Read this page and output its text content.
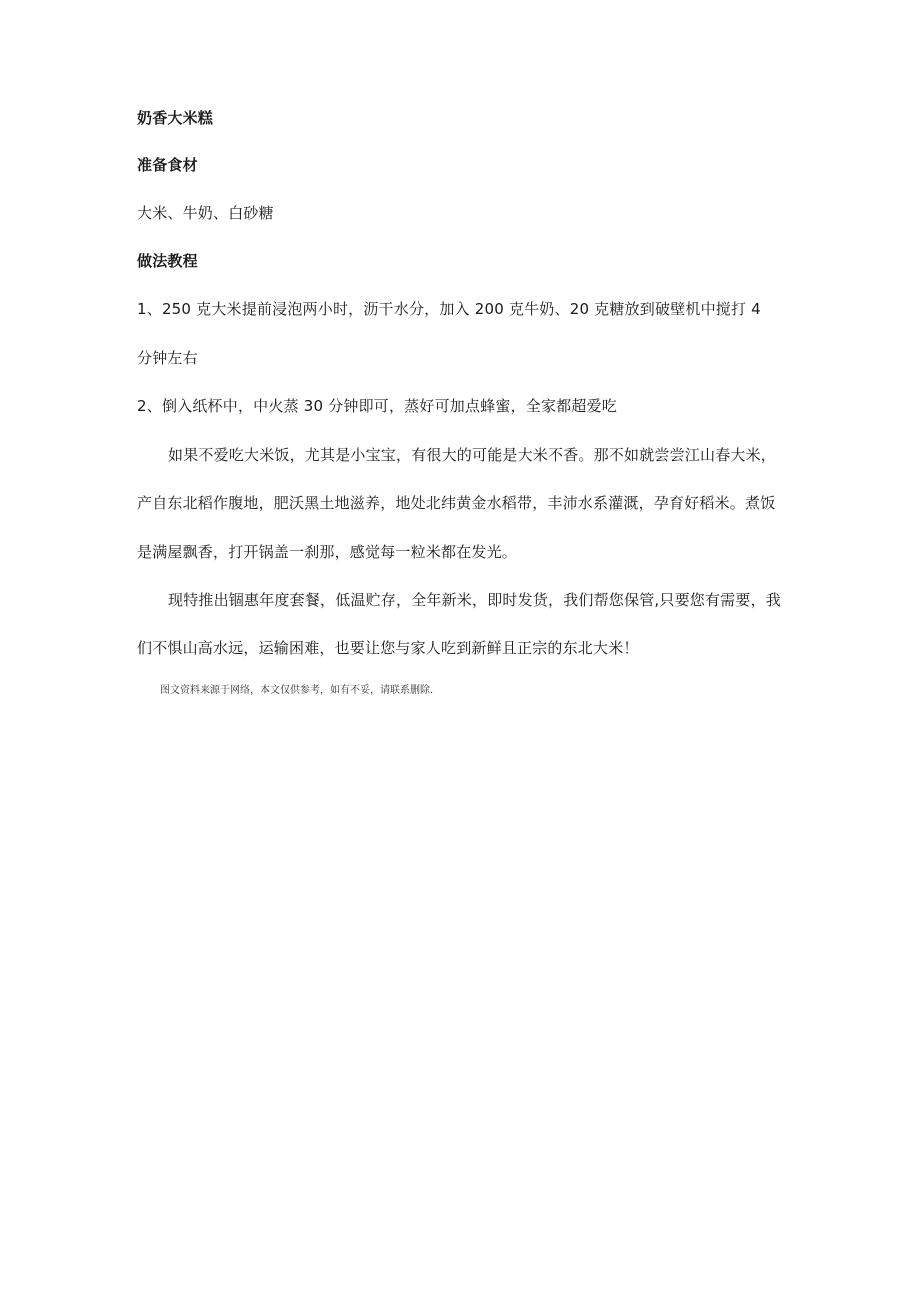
奶香大米糕
准备食材
大米、牛奶、白砂糖
做法教程
1、250 克大米提前浸泡两小时，沥干水分，加入 200 克牛奶、20 克糖放到破壁机中搅打 4
分钟左右
2、倒入纸杯中，中火蒸 30 分钟即可，蒸好可加点蜂蜜，全家都超爱吃
如果不爱吃大米饭，尤其是小宝宝，有很大的可能是大米不香。那不如就尝尝江山春大米，
产自东北稻作腹地，肥沃黑土地滋养，地处北纬黄金水稻带，丰沛水系灌溉，孕育好稻米。煮饭
是满屋飘香，打开锅盖一刹那，感觉每一粒米都在发光。
现特推出锢惠年度套餐，低温贮存，全年新米，即时发货，我们帮您保管,只要您有需要，我
们不惧山高水远，运输困难，也要让您与家人吃到新鲜且正宗的东北大米！
图文资料来源于网络，本文仅供参考，如有不妥，请联系删除.
